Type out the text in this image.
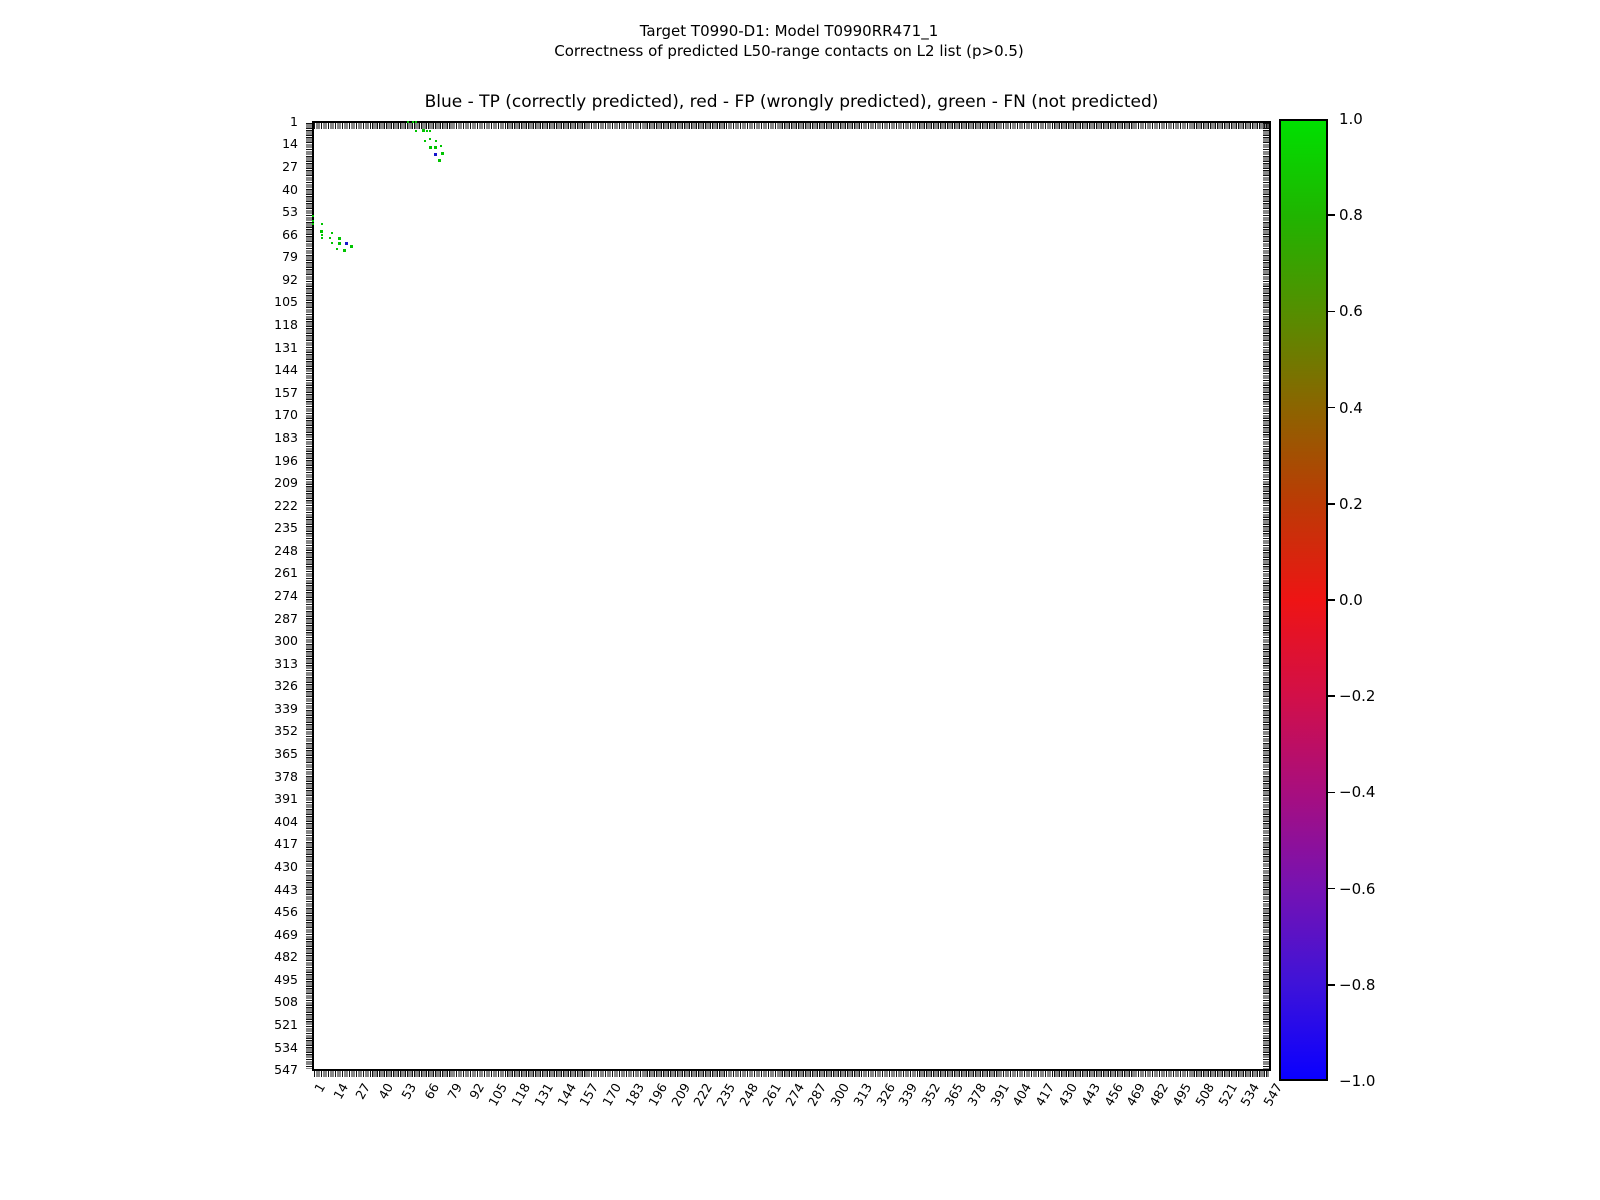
Target T0990-D1: Model T0990RR471_1
Correctness of predicted L50-range contacts on L2 list (p>0.5)
Blue - TP (correctly predicted), red - FP (wrongly predicted), green - FN (not predicted)
1
14
27
40
53
66
79
92
105
118
131
144
157
170
183
196
209
222
235
248
261
274
287
300
313
326
339
352
365
378
391
404
417
430
443
456
469
482
495
508
521
534
547
1 14 27 40 53 66 79 92
105
118
131
144
157
170
183
196
209
222
235
248
261
274
287
300
313
326
339
352
365
378
391
404
417
430
443
456
469
482
495
508
521
534
547
1.0
0.8
0.6
0.4
0.2
0.0
−0.2
−0.4
−0.6
−0.8
−1.0
